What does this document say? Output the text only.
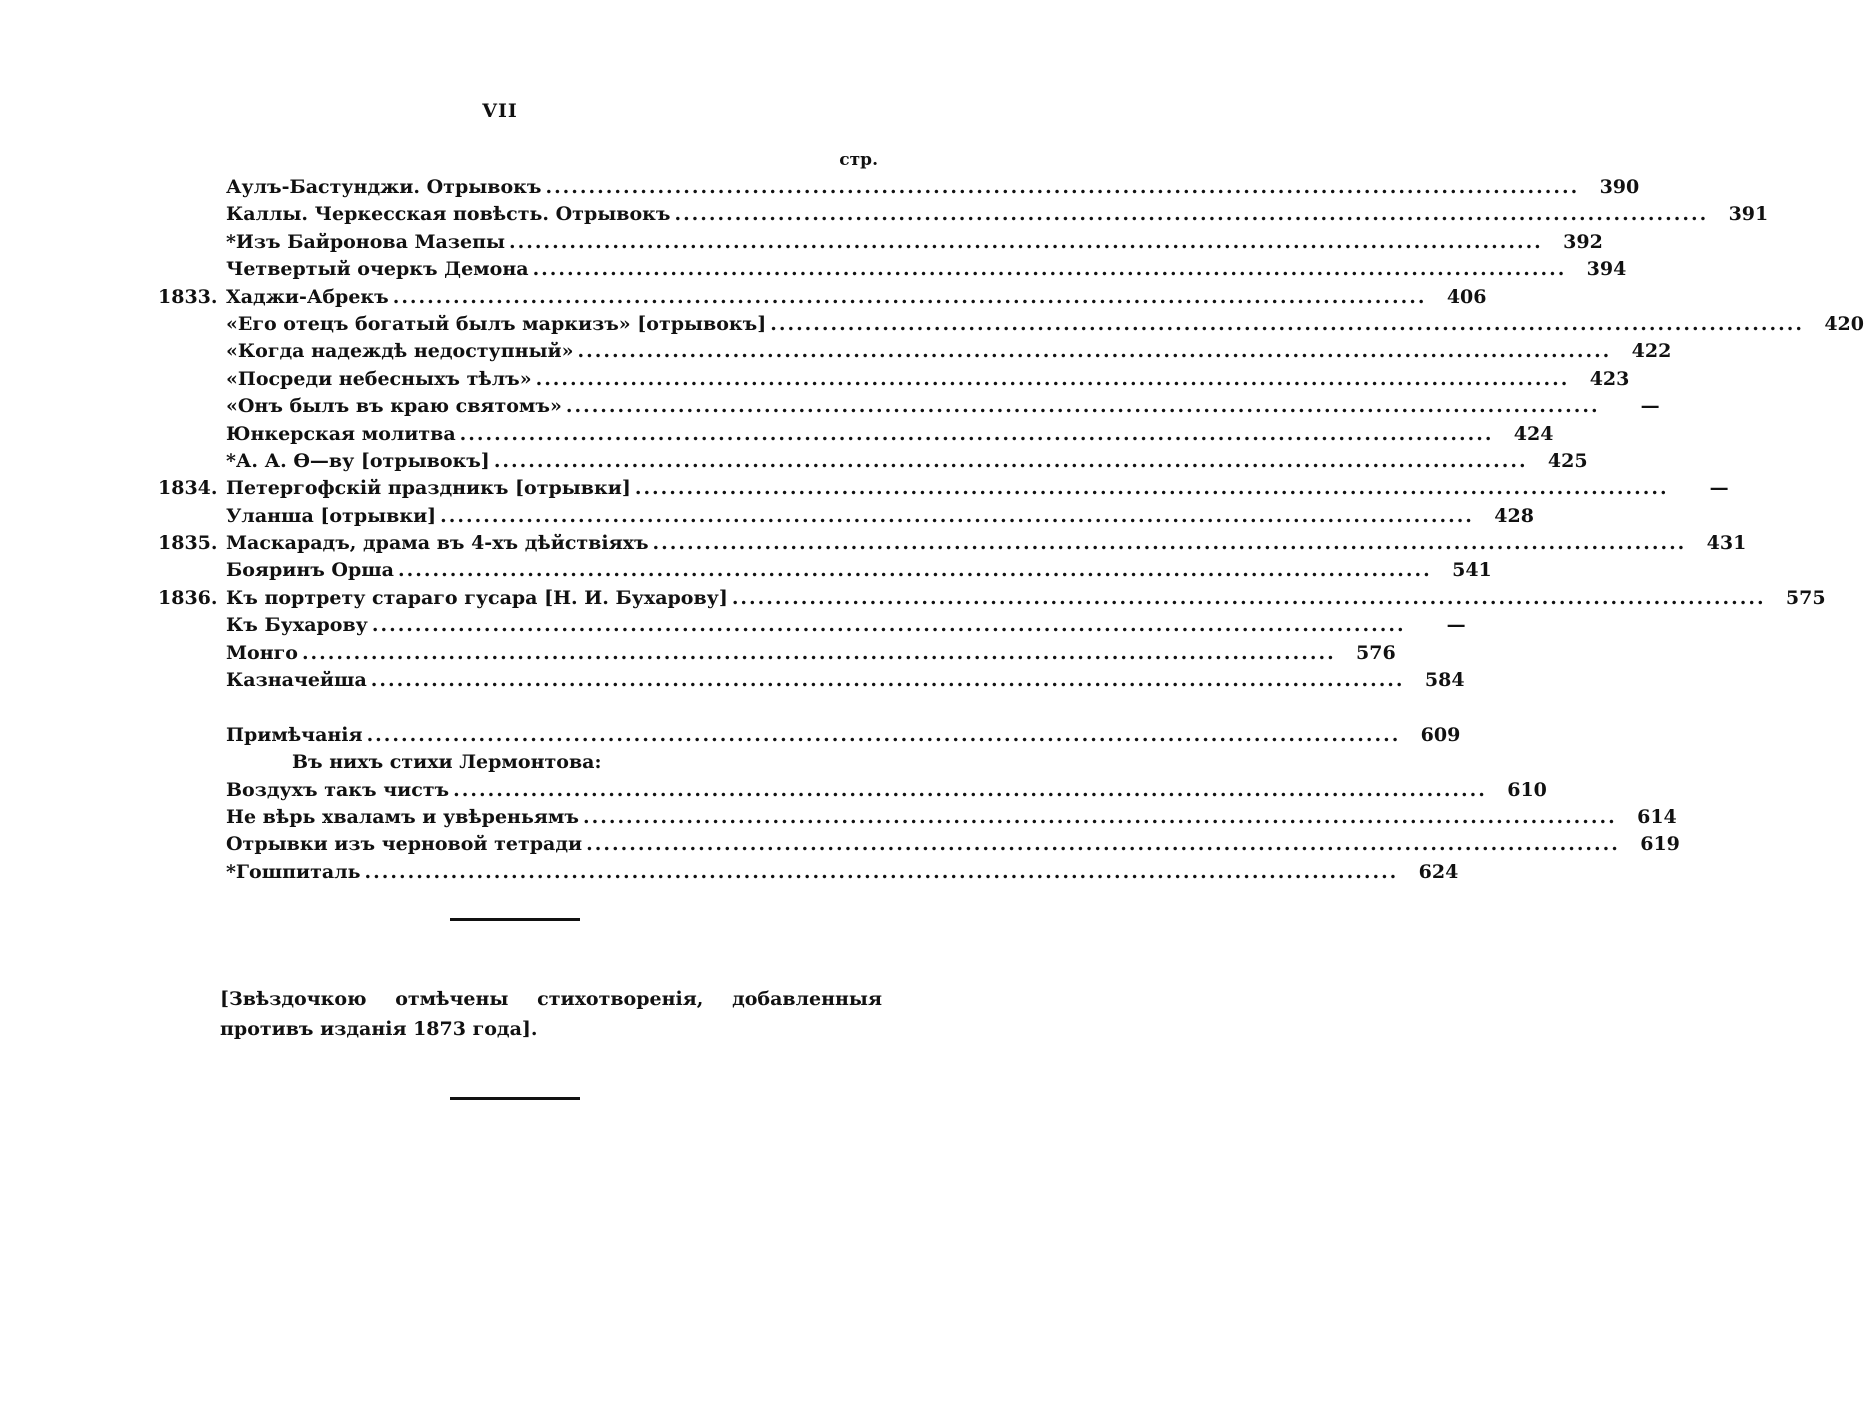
VII
стр.
Аулъ-Бастунджи. Отрывокъ ........................................................................................................................	390
Каллы. Черкесская повѣсть. Отрывокъ ........................................................................................................................	391
*Изъ Байронова Мазепы ........................................................................................................................	392
Четвертый очеркъ Демона ........................................................................................................................	394
1833. Хаджи-Абрекъ ........................................................................................................................	406
«Его отецъ богатый былъ маркизъ» [отрывокъ] ........................................................................................................................	420
«Когда надеждѣ недоступный» ........................................................................................................................	422
«Посреди небесныхъ тѣлъ» ........................................................................................................................	423
«Онъ былъ въ краю святомъ» ........................................................................................................................	—
Юнкерская молитва ........................................................................................................................	424
*А. А. Ѳ—ву [отрывокъ] ........................................................................................................................	425
1834. Петергофскій праздникъ [отрывки] ........................................................................................................................	—
Уланша [отрывки] ........................................................................................................................	428
1835. Маскарадъ, драма въ 4-хъ дѣйствіяхъ ........................................................................................................................	431
Бояринъ Орша ........................................................................................................................	541
1836. Къ портрету стараго гусара [Н. И. Бухарову] ........................................................................................................................	575
Къ Бухарову ........................................................................................................................	—
Монго ........................................................................................................................	576
Казначейша ........................................................................................................................	584
Примѣчанія ........................................................................................................................	609
Въ нихъ стихи Лермонтова:
Воздухъ такъ чистъ ........................................................................................................................	610
Не вѣрь хваламъ и увѣреньямъ ........................................................................................................................	614
Отрывки изъ черновой тетради ........................................................................................................................	619
*Гошпиталь ........................................................................................................................	624
[Звѣздочкою отмѣчены стихотворенія, добавленныя противъ изданія 1873 года].
